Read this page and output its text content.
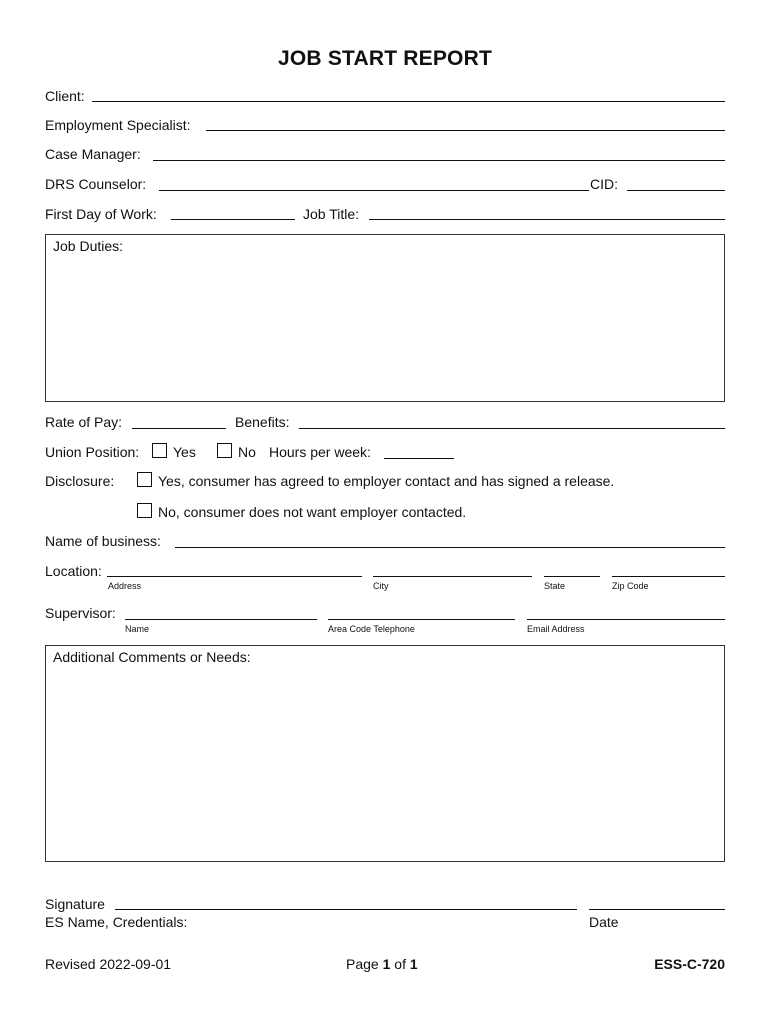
JOB START REPORT
Client:
Employment Specialist:
Case Manager:
DRS Counselor:	CID:
First Day of Work:	Job Title:
Job Duties:
Rate of Pay:	Benefits:
Union Position: Yes	No Hours per week:
Disclosure:	Yes, consumer has agreed to employer contact and has signed a release.
No, consumer does not want employer contacted.
Name of business:
Location:
Address	City	State	Zip Code
Supervisor:
Name	Area Code Telephone	Email Address
Additional Comments or Needs:
Signature
ES Name, Credentials:	Date
Revised 2022-09-01	Page 1 of 1	ESS-C-720
